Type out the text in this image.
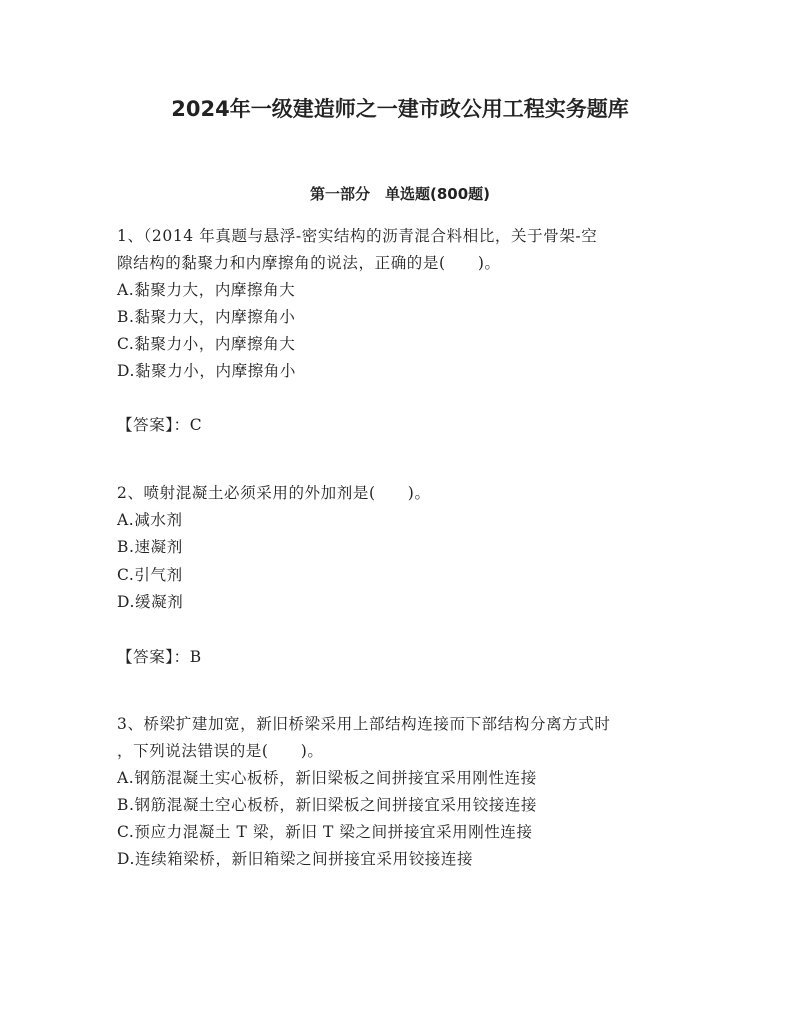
2024年一级建造师之一建市政公用工程实务题库
第一部分　单选题(800题)
1、（2014 年真题与悬浮-密实结构的沥青混合料相比，关于骨架-空
隙结构的黏聚力和内摩擦角的说法，正确的是(　　)。
A.黏聚力大，内摩擦角大
B.黏聚力大，内摩擦角小
C.黏聚力小，内摩擦角大
D.黏聚力小，内摩擦角小
【答案】：C
2、喷射混凝土必须采用的外加剂是(　　)。
A.减水剂
B.速凝剂
C.引气剂
D.缓凝剂
【答案】：B
3、桥梁扩建加宽，新旧桥梁采用上部结构连接而下部结构分离方式时
，下列说法错误的是(　　)。
A.钢筋混凝土实心板桥，新旧梁板之间拼接宜采用刚性连接
B.钢筋混凝土空心板桥，新旧梁板之间拼接宜采用铰接连接
C.预应力混凝土 T 梁，新旧 T 梁之间拼接宜采用刚性连接
D.连续箱梁桥，新旧箱梁之间拼接宜采用铰接连接
